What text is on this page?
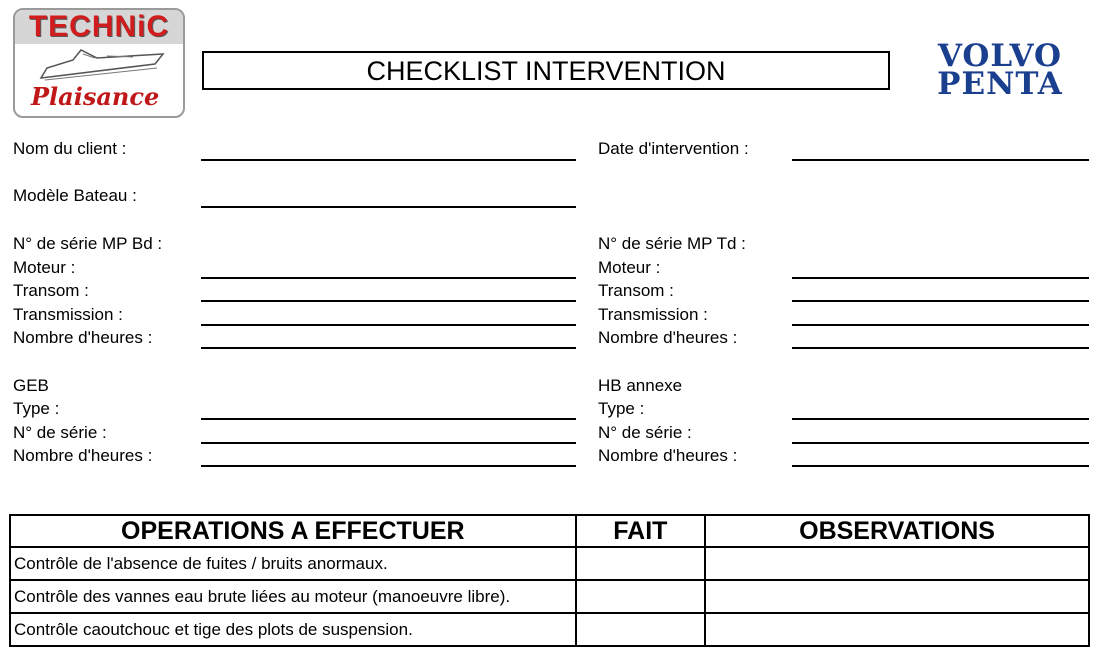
TECHNiC
Plaisance
CHECKLIST INTERVENTION	VOLVO
PENTA
Nom du client :	Date d'intervention :
Modèle Bateau :
N° de série MP Bd :
Moteur :
Transom :
Transmission :
Nombre d'heures :
N° de série MP Td :
Moteur :
Transom :
Transmission :
Nombre d'heures :
GEB
Type :
N° de série :
Nombre d'heures :
HB annexe
Type :
N° de série :
Nombre d'heures :
OPERATIONS A EFFECTUER	FAIT	OBSERVATIONS
Contrôle de l'absence de fuites / bruits anormaux.		
Contrôle des vannes eau brute liées au moteur (manoeuvre libre).		
Contrôle caoutchouc et tige des plots de suspension.		
